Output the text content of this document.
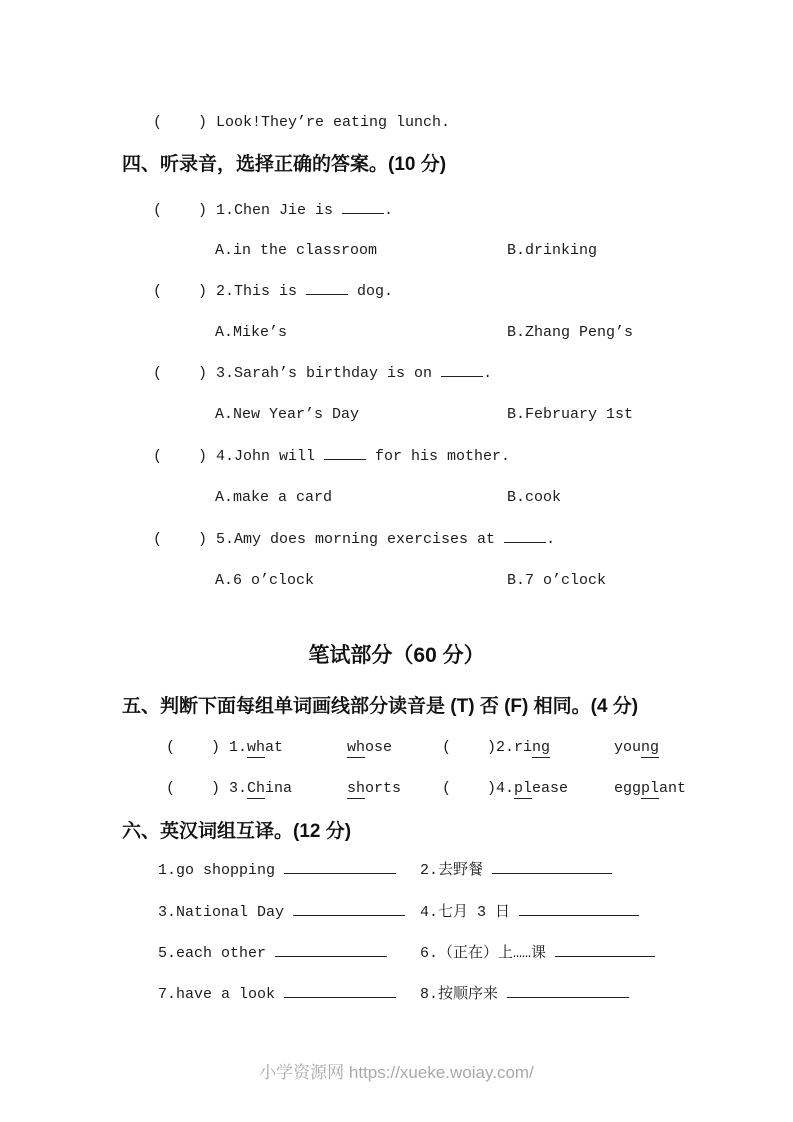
(    ) Look!They’re eating lunch.
四、听录音，选择正确的答案。(10 分)
(    ) 1.Chen Jie is	.
A.in the classroom	B.drinking
(    ) 2.This is	dog.
A.Mike’s	B.Zhang Peng’s
(    ) 3.Sarah’s birthday is on	.
A.New Year’s Day	B.February 1st
(    ) 4.John will	for his mother.
A.make a card	B.cook
(    ) 5.Amy does morning exercises at	.
A.6 o’clock	B.7 o’clock
笔试部分（60 分）
五、判断下面每组单词画线部分读音是 (T) 否 (F) 相同。(4 分)
(    ) 1.what	whose	(    )2.ring	young
(    ) 3.China	shorts	(    )4.please	eggplant
六、英汉词组互译。(12 分)
1.go shopping	2.去野餐
3.National Day	4.七月 3 日
5.each other	6.（正在）上……课
7.have a look	8.按顺序来
小学资源网 https://xueke.woiay.com/
